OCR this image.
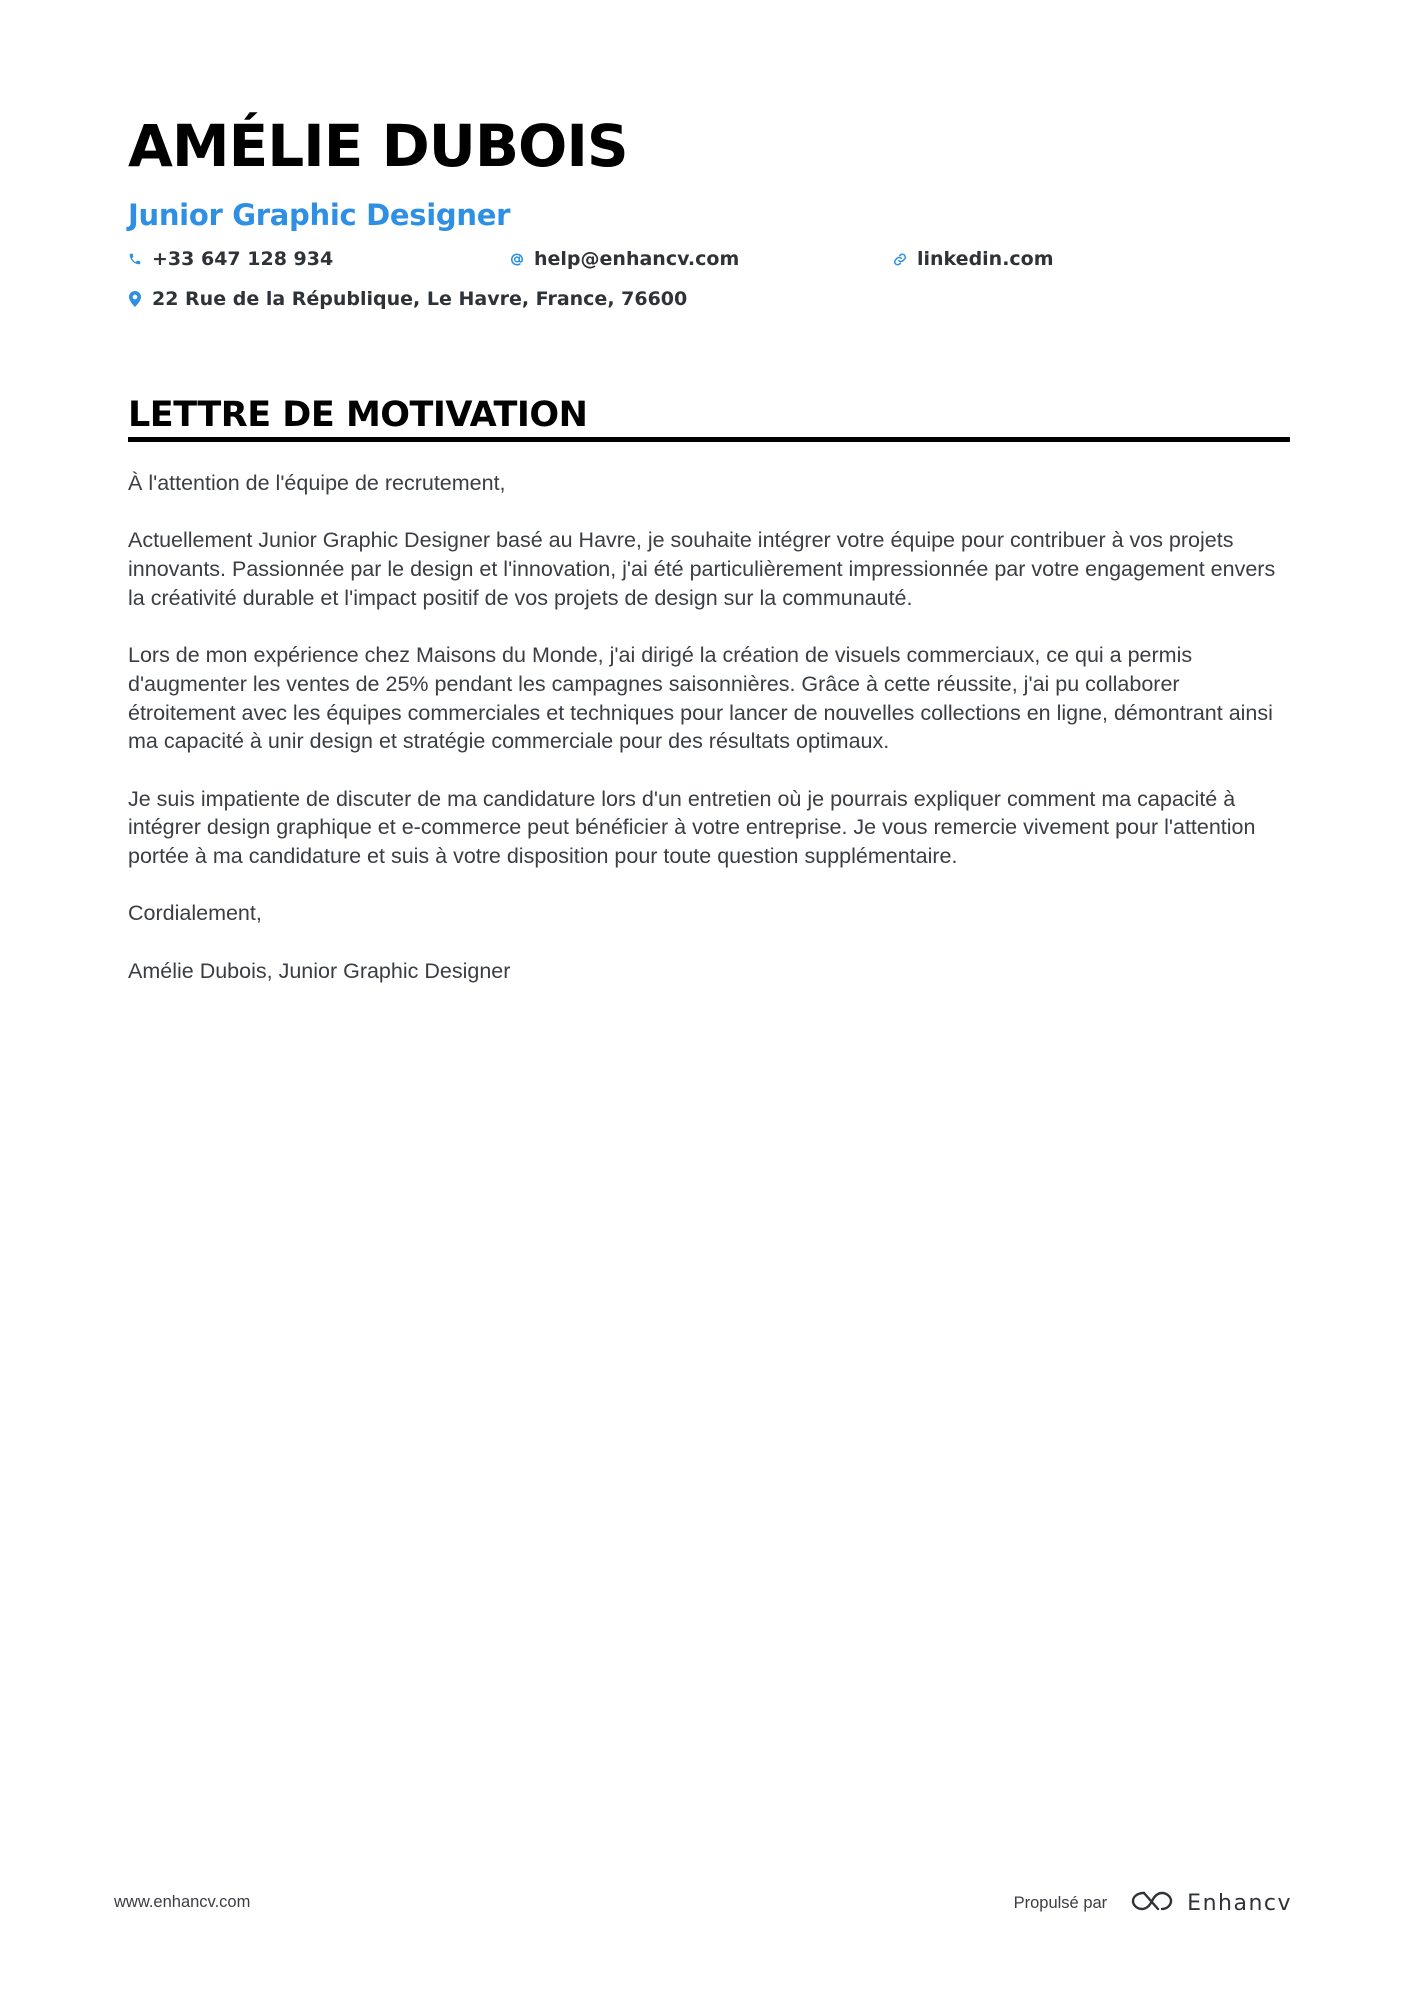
AMÉLIE DUBOIS
Junior Graphic Designer
+33 647 128 934	help@enhancv.com	linkedin.com
22 Rue de la République, Le Havre, France, 76600
LETTRE DE MOTIVATION

À l'attention de l'équipe de recrutement,

Actuellement Junior Graphic Designer basé au Havre, je souhaite intégrer votre équipe pour contribuer à vos projets innovants. Passionnée par le design et l'innovation, j'ai été particulièrement impressionnée par votre engagement envers la créativité durable et l'impact positif de vos projets de design sur la communauté.

Lors de mon expérience chez Maisons du Monde, j'ai dirigé la création de visuels commerciaux, ce qui a permis d'augmenter les ventes de 25% pendant les campagnes saisonnières. Grâce à cette réussite, j'ai pu collaborer étroitement avec les équipes commerciales et techniques pour lancer de nouvelles collections en ligne, démontrant ainsi ma capacité à unir design et stratégie commerciale pour des résultats optimaux.

Je suis impatiente de discuter de ma candidature lors d'un entretien où je pourrais expliquer comment ma capacité à intégrer design graphique et e-commerce peut bénéficier à votre entreprise. Je vous remercie vivement pour l'attention portée à ma candidature et suis à votre disposition pour toute question supplémentaire.

Cordialement,

Amélie Dubois, Junior Graphic Designer

www.enhancv.com	Propulsé par	Enhancv
